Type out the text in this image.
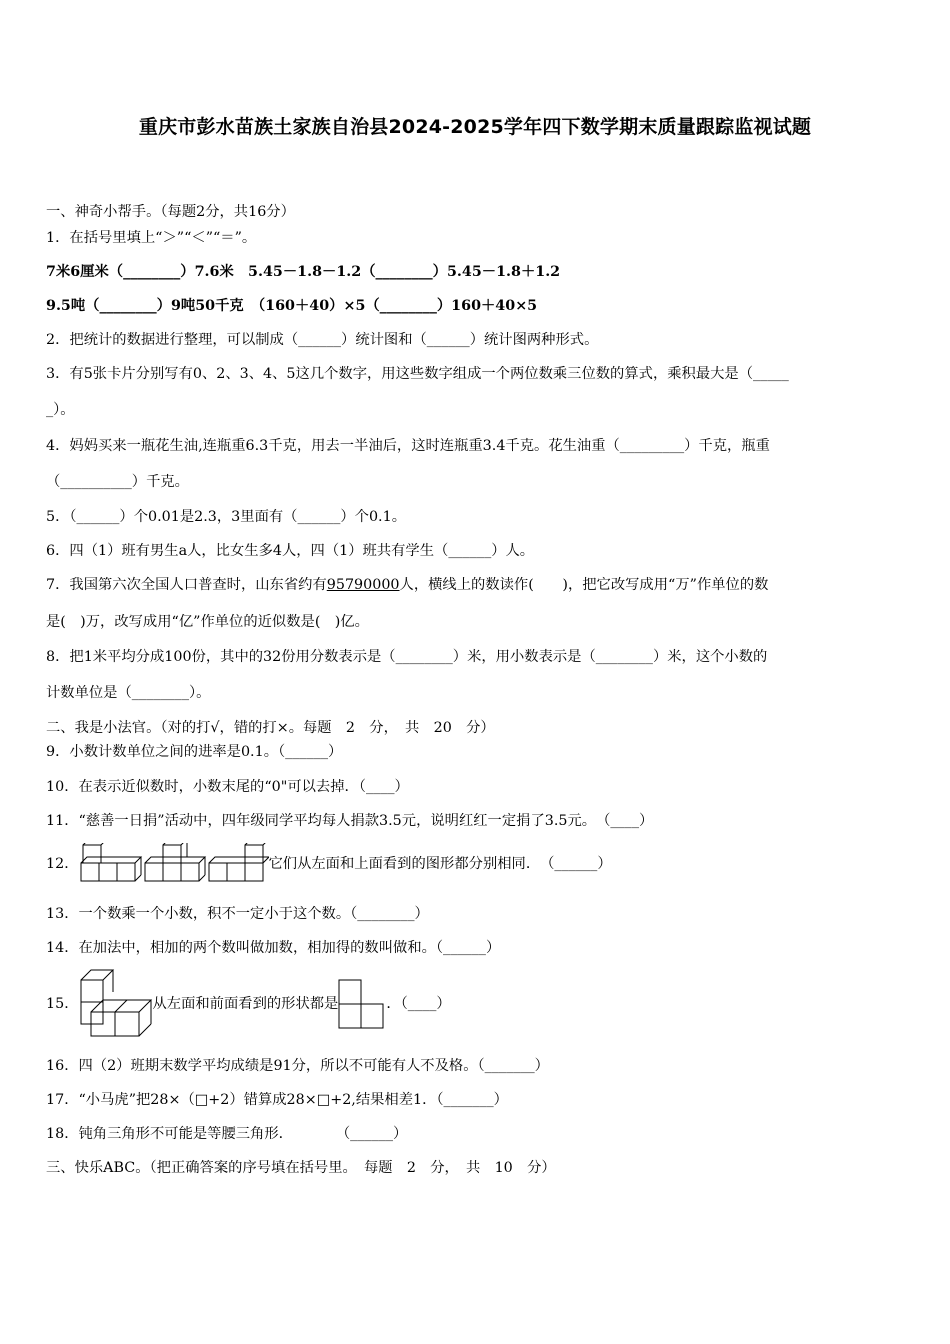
重庆市彭水苗族土家族自治县2024-2025学年四下数学期末质量跟踪监视试题
一、神奇小帮手。（每题2分，共16分）
1．在括号里填上“＞”“＜”“＝”。
7米6厘米（________）7.6米　5.45－1.8－1.2（________）5.45－1.8＋1.2
9.5吨（________）9吨50千克　（160＋40）×5（________）160＋40×5
2．把统计的数据进行整理，可以制成（______）统计图和（______）统计图两种形式。
3．有5张卡片分别写有0、2、3、4、5这几个数字，用这些数字组成一个两位数乘三位数的算式，乘积最大是（_____
_）。
4．妈妈买来一瓶花生油,连瓶重6.3千克，用去一半油后，这时连瓶重3.4千克。花生油重（_________）千克，瓶重
（__________）千克。
5．（______）个0.01是2.3，3里面有（______）个0.1。
6．四（1）班有男生a人，比女生多4人，四（1）班共有学生（______）人。
7．我国第六次全国人口普查时，山东省约有95790000人，横线上的数读作(　　)，把它改写成用“万”作单位的数
是(　)万，改写成用“亿”作单位的近似数是(　)亿。
8．把1米平均分成100份，其中的32份用分数表示是（________）米，用小数表示是（________）米，这个小数的
计数单位是（________）。
二、我是小法官。（对的打√，错的打×。每题　2　分，　共　20　分）
9．小数计数单位之间的进率是0.1。（______）
10．在表示近似数时，小数末尾的“0"可以去掉．（____）
11．“慈善一日捐”活动中，四年级同学平均每人捐款3.5元，说明红红一定捐了3.5元。　（____）
12．	它们从左面和上面看到的图形都分别相同．　（______）
13．一个数乘一个小数，积不一定小于这个数。（________）
14．在加法中，相加的两个数叫做加数，相加得的数叫做和。（______）
15．	从左面和前面看到的形状都是	．（____）
16．四（2）班期末数学平均成绩是91分，所以不可能有人不及格。（_______）
17．“小马虎”把28×（□+2）错算成28×□+2,结果相差1．（_______）
18．钝角三角形不可能是等腰三角形．　　　　（______）
三、快乐ABC。（把正确答案的序号填在括号里。　每题　2　分，　共　10　分）
